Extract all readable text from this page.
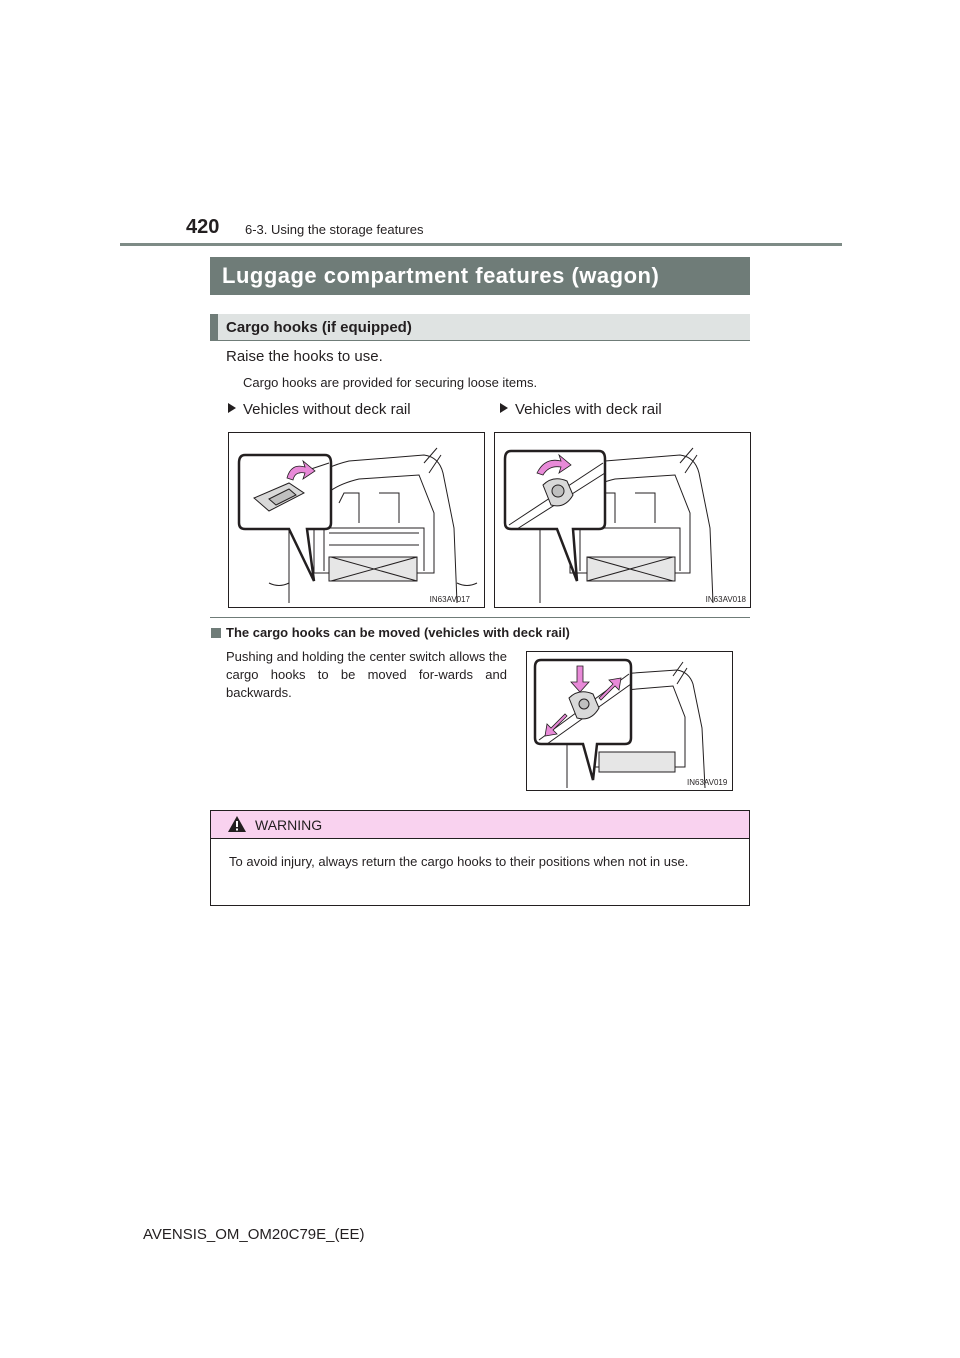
420 6-3. Using the storage features
Luggage compartment features (wagon)
Cargo hooks (if equipped)
Raise the hooks to use.
Cargo hooks are provided for securing loose items.
Vehicles without deck rail	Vehicles with deck rail
IN63AV017	IN63AV018
The cargo hooks can be moved (vehicles with deck rail)
Pushing and holding the center switch allows the cargo hooks to be moved for-wards and backwards.
IN63AV019
WARNING
To avoid injury, always return the cargo hooks to their positions when not in use.
AVENSIS_OM_OM20C79E_(EE)
